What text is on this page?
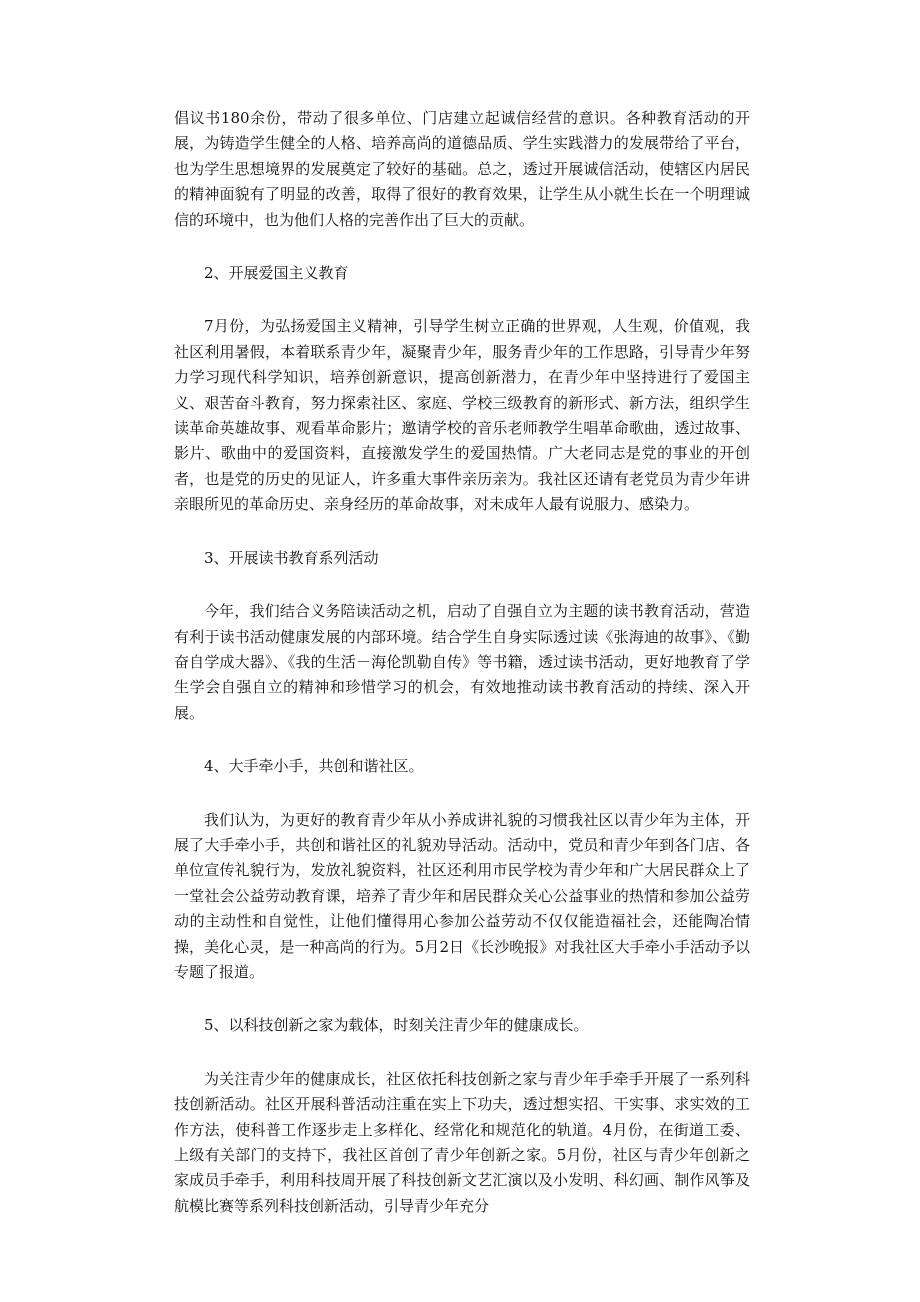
倡议书180余份，带动了很多单位、门店建立起诚信经营的意识。各种教育活动的开展，为铸造学生健全的人格、培养高尚的道德品质、学生实践潜力的发展带给了平台，也为学生思想境界的发展奠定了较好的基础。总之，透过开展诚信活动，使辖区内居民的精神面貌有了明显的改善，取得了很好的教育效果，让学生从小就生长在一个明理诚信的环境中，也为他们人格的完善作出了巨大的贡献。

2、开展爱国主义教育

7月份，为弘扬爱国主义精神，引导学生树立正确的世界观，人生观，价值观，我社区利用暑假，本着联系青少年，凝聚青少年，服务青少年的工作思路，引导青少年努力学习现代科学知识，培养创新意识，提高创新潜力，在青少年中坚持进行了爱国主义、艰苦奋斗教育，努力探索社区、家庭、学校三级教育的新形式、新方法，组织学生读革命英雄故事、观看革命影片；邀请学校的音乐老师教学生唱革命歌曲，透过故事、影片、歌曲中的爱国资料，直接激发学生的爱国热情。广大老同志是党的事业的开创者，也是党的历史的见证人，许多重大事件亲历亲为。我社区还请有老党员为青少年讲亲眼所见的革命历史、亲身经历的革命故事，对未成年人最有说服力、感染力。

3、开展读书教育系列活动

今年，我们结合义务陪读活动之机，启动了自强自立为主题的读书教育活动，营造有利于读书活动健康发展的内部环境。结合学生自身实际透过读《张海迪的故事》、《勤奋自学成大器》、《我的生活－海伦凯勒自传》等书籍，透过读书活动，更好地教育了学生学会自强自立的精神和珍惜学习的机会，有效地推动读书教育活动的持续、深入开展。

4、大手牵小手，共创和谐社区。

我们认为，为更好的教育青少年从小养成讲礼貌的习惯我社区以青少年为主体，开展了大手牵小手，共创和谐社区的礼貌劝导活动。活动中，党员和青少年到各门店、各单位宣传礼貌行为，发放礼貌资料，社区还利用市民学校为青少年和广大居民群众上了一堂社会公益劳动教育课，培养了青少年和居民群众关心公益事业的热情和参加公益劳动的主动性和自觉性，让他们懂得用心参加公益劳动不仅仅能造福社会，还能陶冶情操，美化心灵，是一种高尚的行为。5月2日《长沙晚报》对我社区大手牵小手活动予以专题了报道。

5、以科技创新之家为载体，时刻关注青少年的健康成长。

为关注青少年的健康成长，社区依托科技创新之家与青少年手牵手开展了一系列科技创新活动。社区开展科普活动注重在实上下功夫，透过想实招、干实事、求实效的工作方法，使科普工作逐步走上多样化、经常化和规范化的轨道。4月份，在街道工委、上级有关部门的支持下，我社区首创了青少年创新之家。5月份，社区与青少年创新之家成员手牵手，利用科技周开展了科技创新文艺汇演以及小发明、科幻画、制作风筝及航模比赛等系列科技创新活动，引导青少年充分
